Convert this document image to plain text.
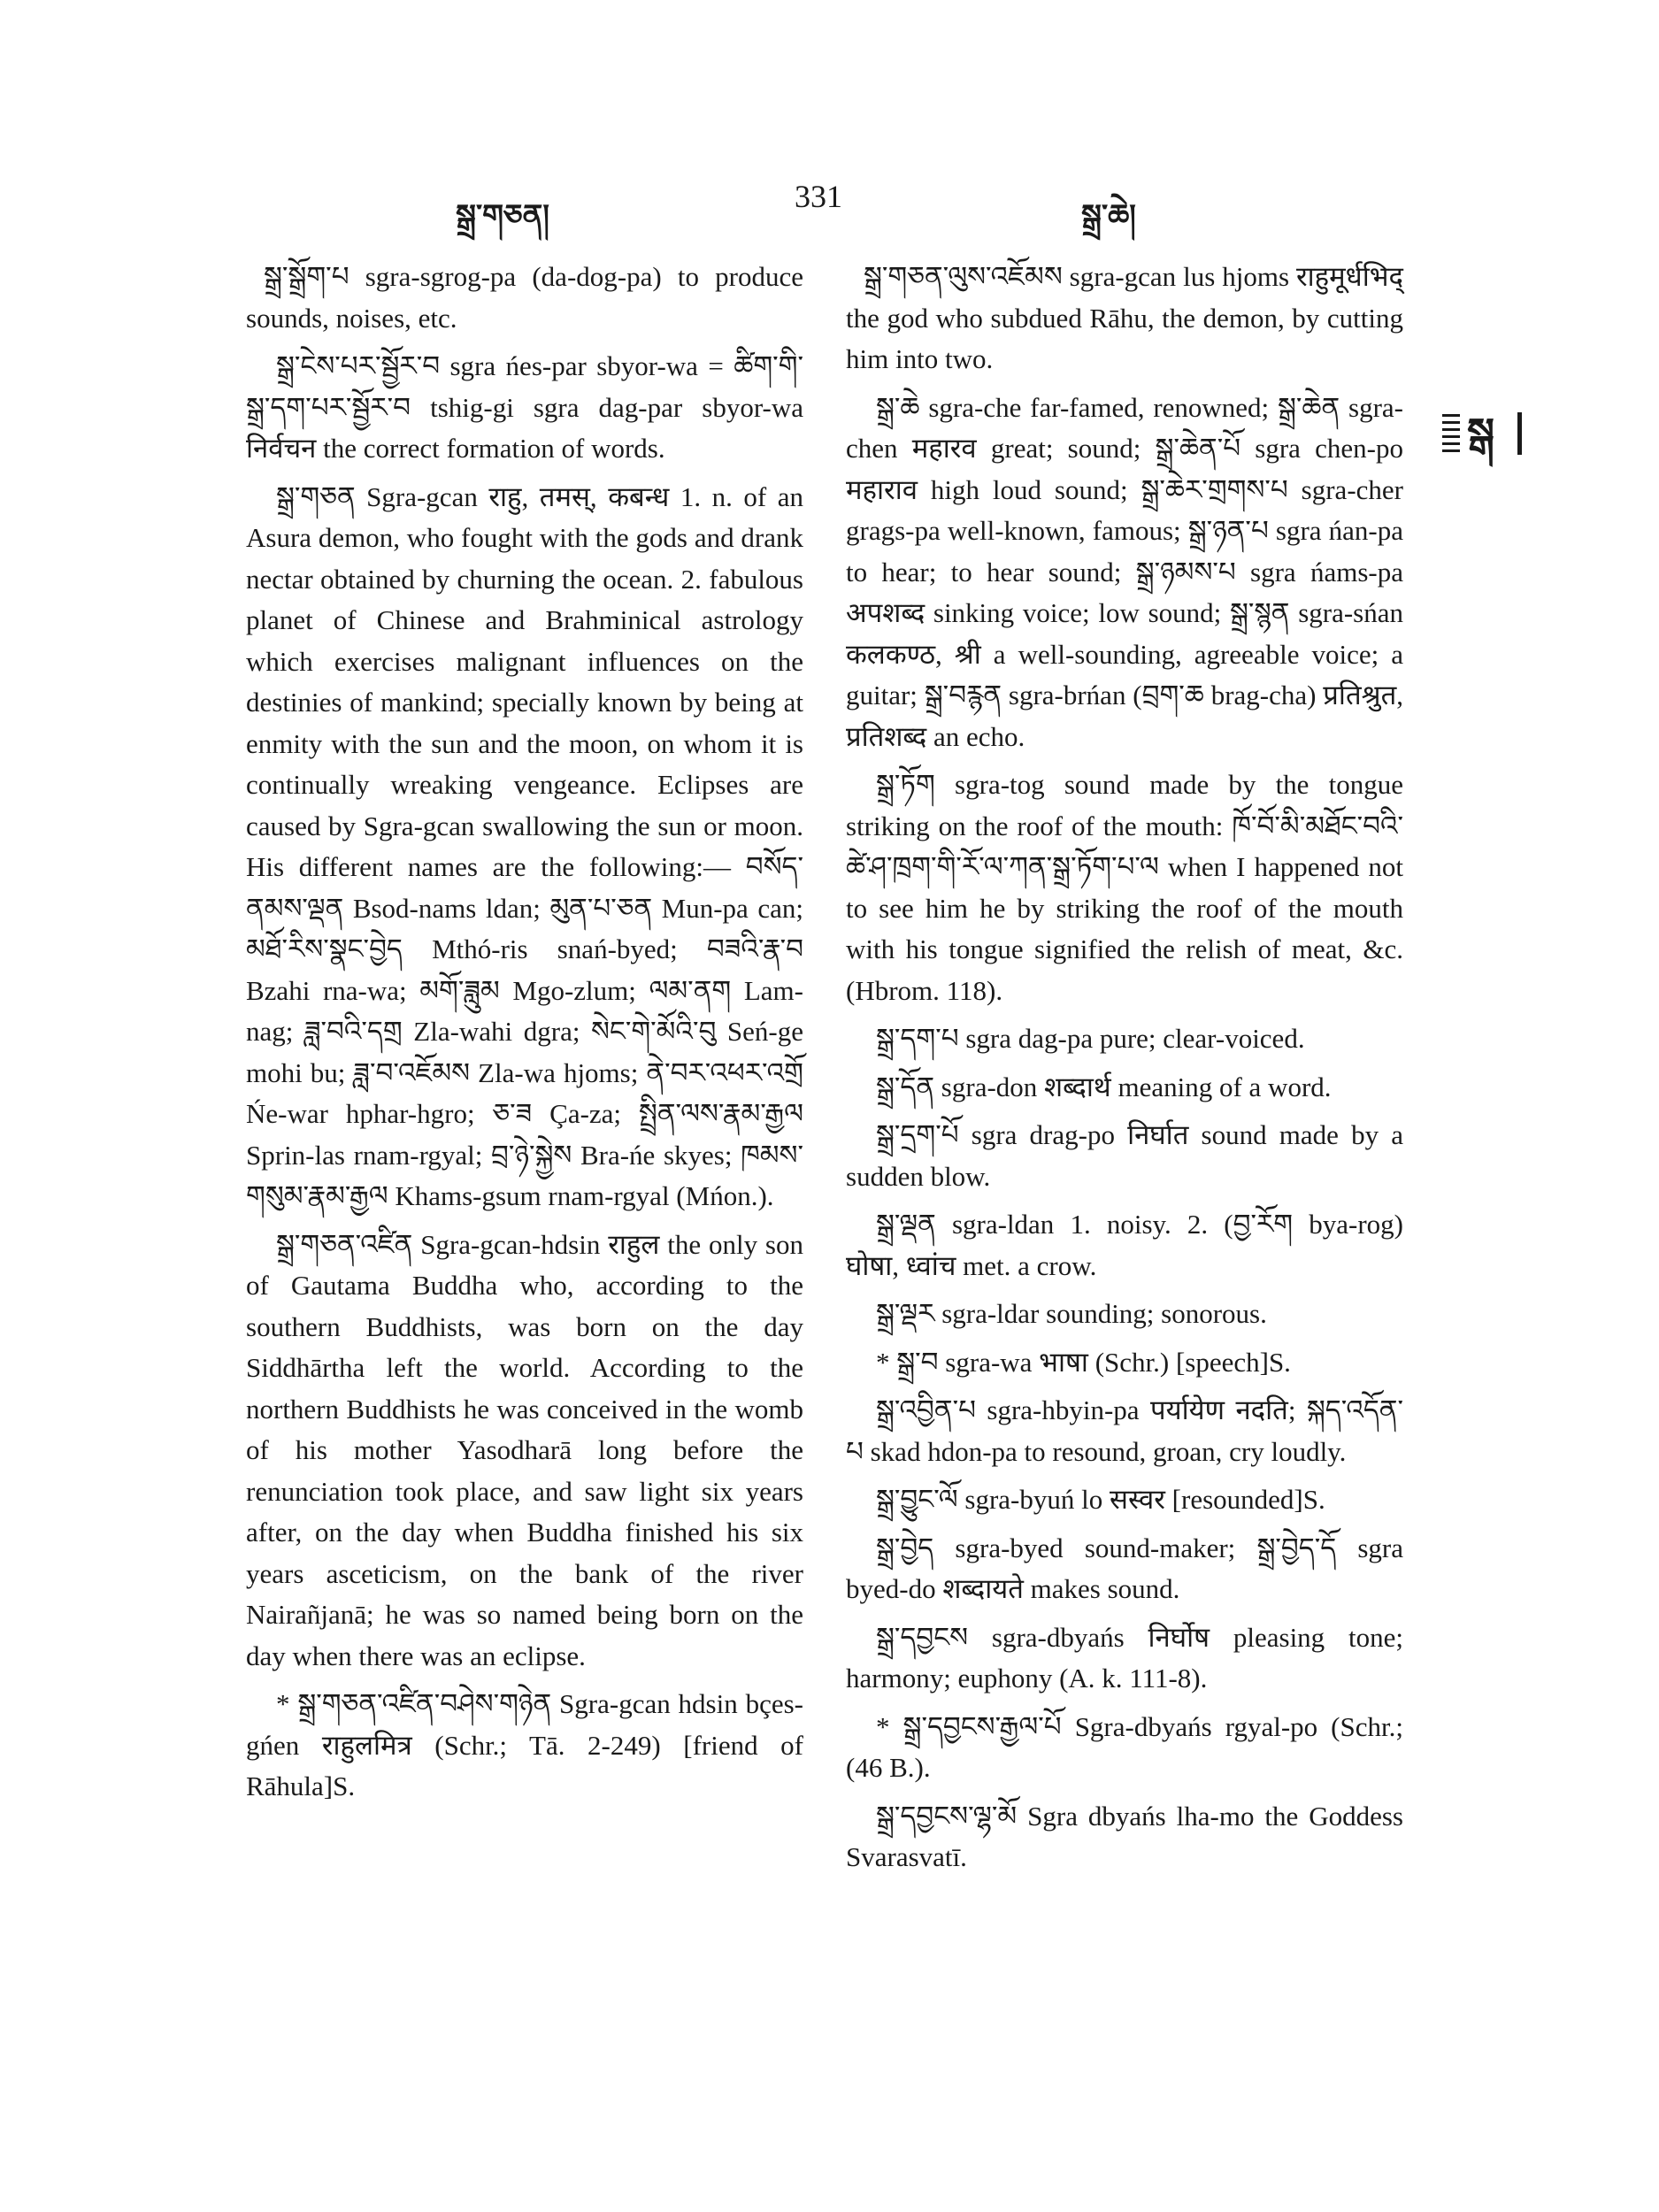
སྒྲ་གཅན།
331
སྒྲ་ཆེ།
སྒ

སྒྲ་སྒྲོག་པ sgra-sgrog-pa (da-dog-pa) to produce sounds, noises, etc.

སྒྲ་ངེས་པར་སྦྱོར་བ sgra ńes-par sbyor-wa = ཚིག་གི་སྒྲ་དག་པར་སྦྱོར་བ tshig-gi sgra dag-par sbyor-wa निर्वचन the correct formation of words.

སྒྲ་གཅན Sgra-gcan राहु, तमस्, कबन्ध 1. n. of an Asura demon, who fought with the gods and drank nectar obtained by churning the ocean. 2. fabulous planet of Chinese and Brahminical astrology which exercises malignant influences on the destinies of mankind; specially known by being at enmity with the sun and the moon, on whom it is continually wreaking vengeance. Eclipses are caused by Sgra-gcan swallowing the sun or moon. His different names are the following:— བསོད་ནམས་ལྡན Bsod-nams ldan; མུན་པ་ཅན Mun-pa can; མཐོ་རིས་སྣང་བྱེད Mthó-ris snań-byed; བཟའི་རྣ་བ Bzahi rna-wa; མགོ་ཟླུམ Mgo-zlum; ལམ་ནག Lam-nag; ཟླ་བའི་དགྲ Zla-wahi dgra; སེང་གེ་མོའི་བུ Seń-ge mohi bu; ཟླ་བ་འཇོམས Zla-wa hjoms; ནེ་བར་འཕར་འགྲོ Ńe-war hphar-hgro; ཅ་ཟ Ça-za; སྤྲིན་ལས་རྣམ་རྒྱལ Sprin-las rnam-rgyal; བྲ་ཉེ་སྐྱེས Bra-ńe skyes; ཁམས་གསུམ་རྣམ་རྒྱལ Khams-gsum rnam-rgyal (Mńon.).

སྒྲ་གཅན་འཛིན Sgra-gcan-hdsin राहुल the only son of Gautama Buddha who, according to the southern Buddhists, was born on the day Siddhārtha left the world. According to the northern Buddhists he was conceived in the womb of his mother Yasodharā long before the renunciation took place, and saw light six years after, on the day when Buddha finished his six years asceticism, on the bank of the river Nairañjanā; he was so named being born on the day when there was an eclipse.

* སྒྲ་གཅན་འཛིན་བཤེས་གཉེན Sgra-gcan hdsin bçes-gńen राहुलमित्र (Schr.; Tā. 2-249) [friend of Rāhula]S.

སྒྲ་གཅན་ལུས་འཇོམས sgra-gcan lus hjoms राहुमूर्धभिद् the god who subdued Rāhu, the demon, by cutting him into two.

སྒྲ་ཆེ sgra-che far-famed, renowned; སྒྲ་ཆེན sgra-chen महारव great; sound; སྒྲ་ཆེན་པོ sgra chen-po महाराव high loud sound; སྒྲ་ཆེར་གྲགས་པ sgra-cher grags-pa well-known, famous; སྒྲ་ཉན་པ sgra ńan-pa to hear; to hear sound; སྒྲ་ཉམས་པ sgra ńams-pa अपशब्द sinking voice; low sound; སྒྲ་སྙན sgra-sńan कलकण्ठ, श्री a well-sounding, agreeable voice; a guitar; སྒྲ་བརྙན sgra-brńan (བྲག་ཆ brag-cha) प्रतिश्रुत, प्रतिशब्द an echo.

སྒྲ་ཏོག sgra-tog sound made by the tongue striking on the roof of the mouth: ཁོ་བོ་མི་མཐོང་བའི་ཚེ་ཤ་ཁྲག་གི་རོ་ལ་ཀན་སྒྲ་ཏོག་པ་ལ when I happened not to see him he by striking the roof of the mouth with his tongue signified the relish of meat, &c. (Hbrom. 118).

སྒྲ་དག་པ sgra dag-pa pure; clear-voiced.

སྒྲ་དོན sgra-don शब्दार्थ meaning of a word.

སྒྲ་དྲག་པོ sgra drag-po निर्घात sound made by a sudden blow.

སྒྲ་ལྡན sgra-ldan 1. noisy. 2. (བྱ་རོག bya-rog) घोषा, ध्वांच met. a crow.

སྒྲ་ལྡར sgra-ldar sounding; sonorous.

* སྒྲ་བ sgra-wa भाषा (Schr.) [speech]S.

སྒྲ་འབྱིན་པ sgra-hbyin-pa पर्यायेण नदति; སྐད་འདོན་པ skad hdon-pa to resound, groan, cry loudly.

སྒྲ་བྱུང་ལོ sgra-byuń lo सस्वर [resounded]S.

སྒྲ་བྱེད sgra-byed sound-maker; སྒྲ་བྱེད་དོ sgra byed-do शब्दायते makes sound.

སྒྲ་དབྱངས sgra-dbyańs निर्घोष pleasing tone; harmony; euphony (A. k. 111-8).

* སྒྲ་དབྱངས་རྒྱལ་པོ Sgra-dbyańs rgyal-po (Schr.; (46 B.).

སྒྲ་དབྱངས་ལྷ་མོ Sgra dbyańs lha-mo the Goddess Svarasvatī.
